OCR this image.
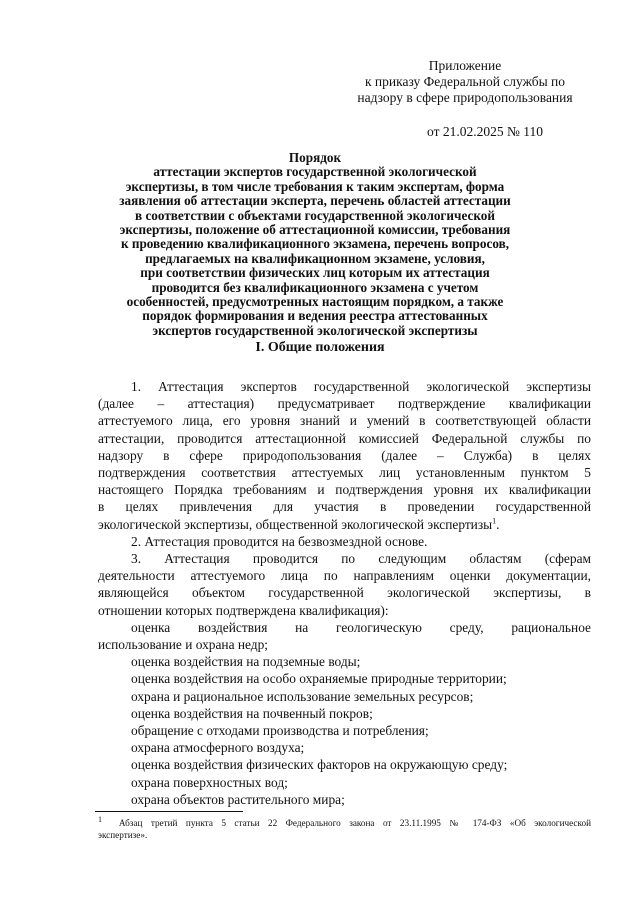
Приложение
к приказу Федеральной службы по
надзору в сфере природопользования
от 21.02.2025 № 110
Порядок
аттестации экспертов государственной экологической
экспертизы, в том числе требования к таким экспертам, форма
заявления об аттестации эксперта, перечень областей аттестации
в соответствии с объектами государственной экологической
экспертизы, положение об аттестационной комиссии, требования
к проведению квалификационного экзамена, перечень вопросов,
предлагаемых на квалификационном экзамене, условия,
при соответствии физических лиц которым их аттестация
проводится без квалификационного экзамена с учетом
особенностей, предусмотренных настоящим порядком, а также
порядок формирования и ведения реестра аттестованных
экспертов государственной экологической экспертизы
I. Общие положения
1. Аттестация экспертов государственной экологической экспертизы
(далее – аттестация) предусматривает подтверждение квалификации
аттестуемого лица, его уровня знаний и умений в соответствующей области
аттестации, проводится аттестационной комиссией Федеральной службы по
надзору в сфере природопользования (далее – Служба) в целях
подтверждения соответствия аттестуемых лиц установленным пунктом 5
настоящего Порядка требованиям и подтверждения уровня их квалификации
в целях привлечения для участия в проведении государственной
экологической экспертизы, общественной экологической экспертизы$^1$.
2. Аттестация проводится на безвозмездной основе.
3. Аттестация проводится по следующим областям (сферам
деятельности аттестуемого лица по направлениям оценки документации,
являющейся объектом государственной экологической экспертизы, в
отношении которых подтверждена квалификация):
оценка воздействия на геологическую среду, рациональное
использование и охрана недр;
оценка воздействия на подземные воды;
оценка воздействия на особо охраняемые природные территории;
охрана и рациональное использование земельных ресурсов;
оценка воздействия на почвенный покров;
обращение с отходами производства и потребления;
охрана атмосферного воздуха;
оценка воздействия физических факторов на окружающую среду;
охрана поверхностных вод;
охрана объектов растительного мира;
$^1$ Абзац третий пункта 5 статьи 22 Федерального закона от 23.11.1995 № 174-ФЗ «Об экологической
экспертизе».
